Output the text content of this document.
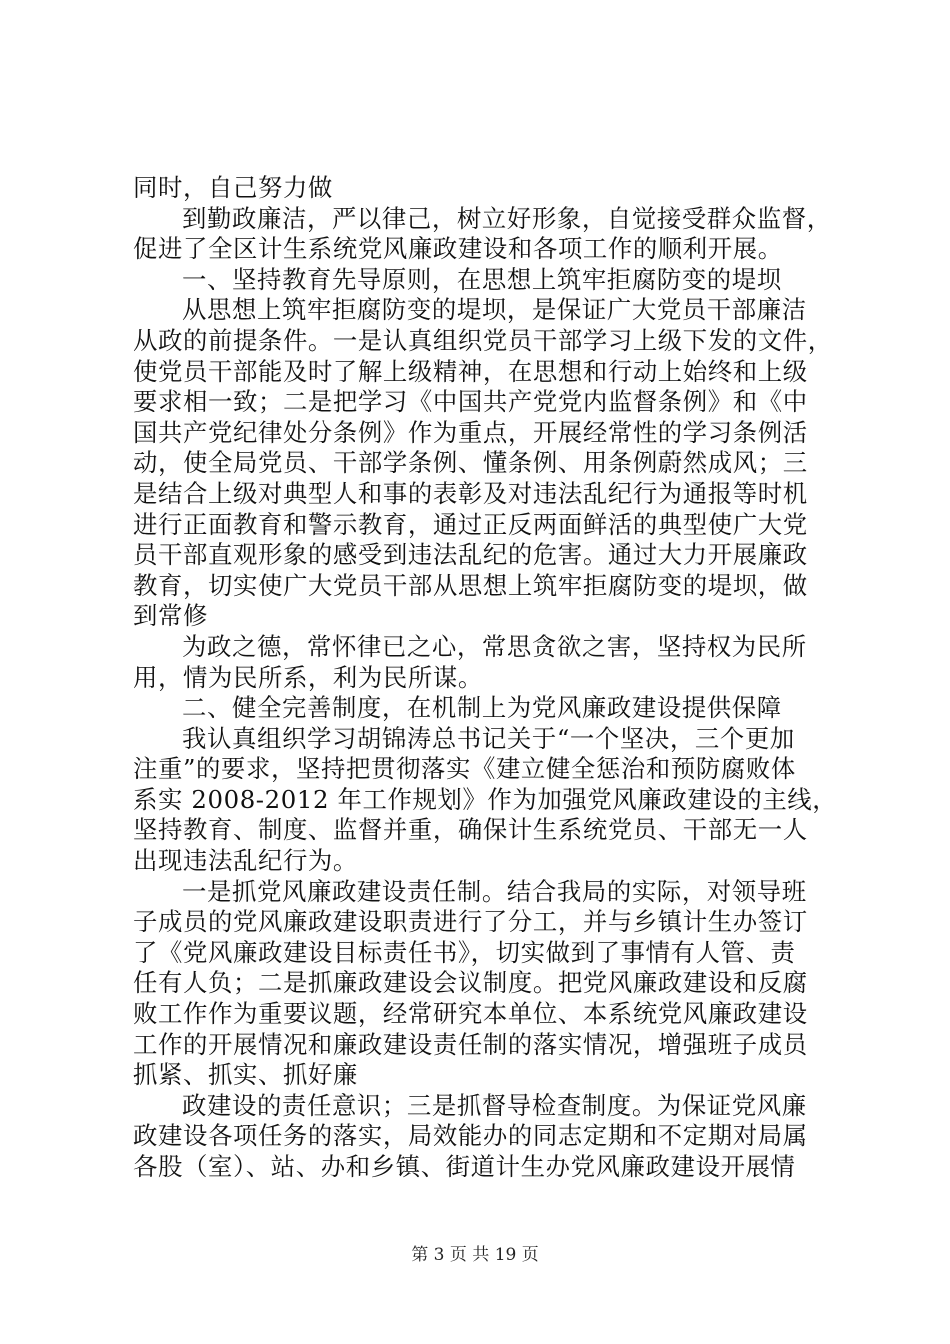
同时，自己努力做
到勤政廉洁，严以律己，树立好形象，自觉接受群众监督，
促进了全区计生系统党风廉政建设和各项工作的顺利开展。
一、坚持教育先导原则，在思想上筑牢拒腐防变的堤坝
从思想上筑牢拒腐防变的堤坝，是保证广大党员干部廉洁
从政的前提条件。一是认真组织党员干部学习上级下发的文件，
使党员干部能及时了解上级精神，在思想和行动上始终和上级
要求相一致；二是把学习《中国共产党党内监督条例》和《中
国共产党纪律处分条例》作为重点，开展经常性的学习条例活
动，使全局党员、干部学条例、懂条例、用条例蔚然成风；三
是结合上级对典型人和事的表彰及对违法乱纪行为通报等时机
进行正面教育和警示教育，通过正反两面鲜活的典型使广大党
员干部直观形象的感受到违法乱纪的危害。通过大力开展廉政
教育，切实使广大党员干部从思想上筑牢拒腐防变的堤坝，做
到常修
为政之德，常怀律已之心，常思贪欲之害，坚持权为民所
用，情为民所系，利为民所谋。
二、健全完善制度，在机制上为党风廉政建设提供保障
我认真组织学习胡锦涛总书记关于“一个坚决，三个更加
注重”的要求，坚持把贯彻落实《建立健全惩治和预防腐败体
系实 2008-2012 年工作规划》作为加强党风廉政建设的主线，
坚持教育、制度、监督并重，确保计生系统党员、干部无一人
出现违法乱纪行为。
一是抓党风廉政建设责任制。结合我局的实际，对领导班
子成员的党风廉政建设职责进行了分工，并与乡镇计生办签订
了《党风廉政建设目标责任书》，切实做到了事情有人管、责
任有人负；二是抓廉政建设会议制度。把党风廉政建设和反腐
败工作作为重要议题，经常研究本单位、本系统党风廉政建设
工作的开展情况和廉政建设责任制的落实情况，增强班子成员
抓紧、抓实、抓好廉
政建设的责任意识；三是抓督导检查制度。为保证党风廉
政建设各项任务的落实，局效能办的同志定期和不定期对局属
各股（室）、站、办和乡镇、街道计生办党风廉政建设开展情
第 3 页 共 19 页
